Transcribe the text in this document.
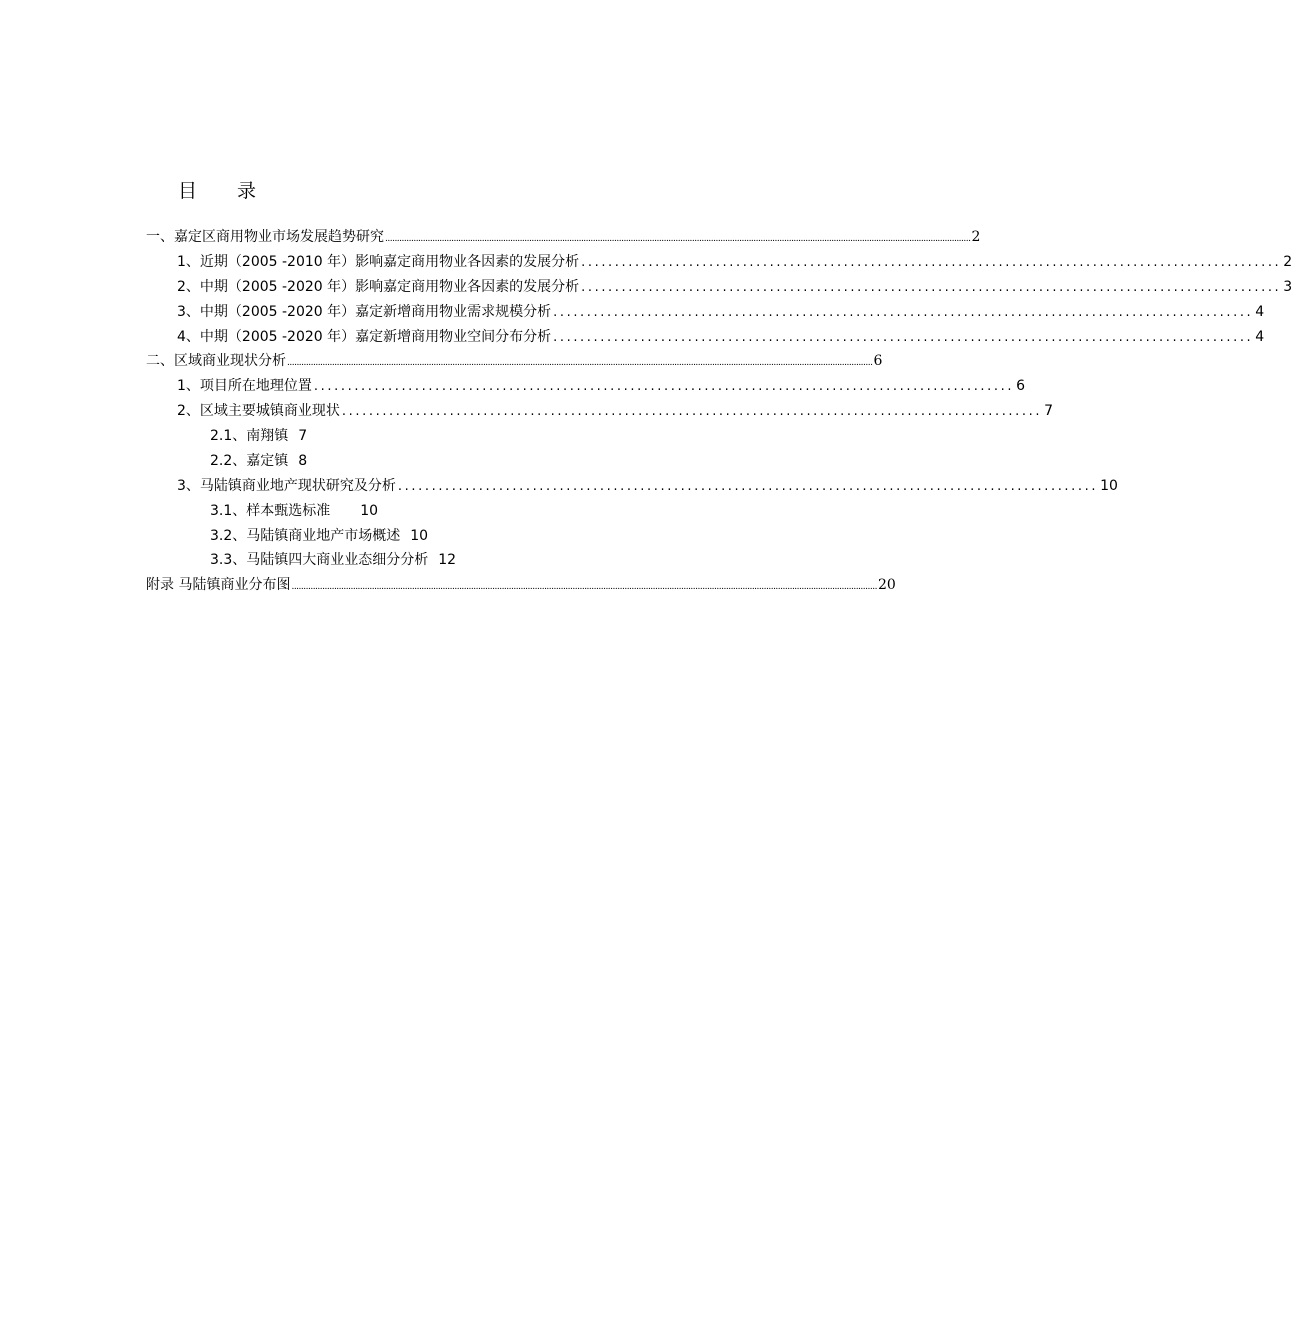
目 录
一、嘉定区商用物业市场发展趋势研究 ........................................................................................................................................................................................................................................................ 2
1、近期（2005 -2010 年）影响嘉定商用物业各因素的发展分析 ........................................................................................................ 2
2、中期（2005 -2020 年）影响嘉定商用物业各因素的发展分析 ........................................................................................................ 3
3、中期（2005 -2020 年）嘉定新增商用物业需求规模分析 ........................................................................................................ 4
4、中期（2005 -2020 年）嘉定新增商用物业空间分布分析 ........................................................................................................ 4
二、区域商业现状分析 ........................................................................................................................................................................................................................................................ 6
1、项目所在地理位置 ........................................................................................................ 6
2、区域主要城镇商业现状 ........................................................................................................ 7
2.1、南翔镇 7
2.2、嘉定镇 8
3、马陆镇商业地产现状研究及分析 ........................................................................................................ 10
3.1、样本甄选标准 10
3.2、马陆镇商业地产市场概述 10
3.3、马陆镇四大商业业态细分分析 12
附录 马陆镇商业分布图 ........................................................................................................................................................................................................................................................ 20
